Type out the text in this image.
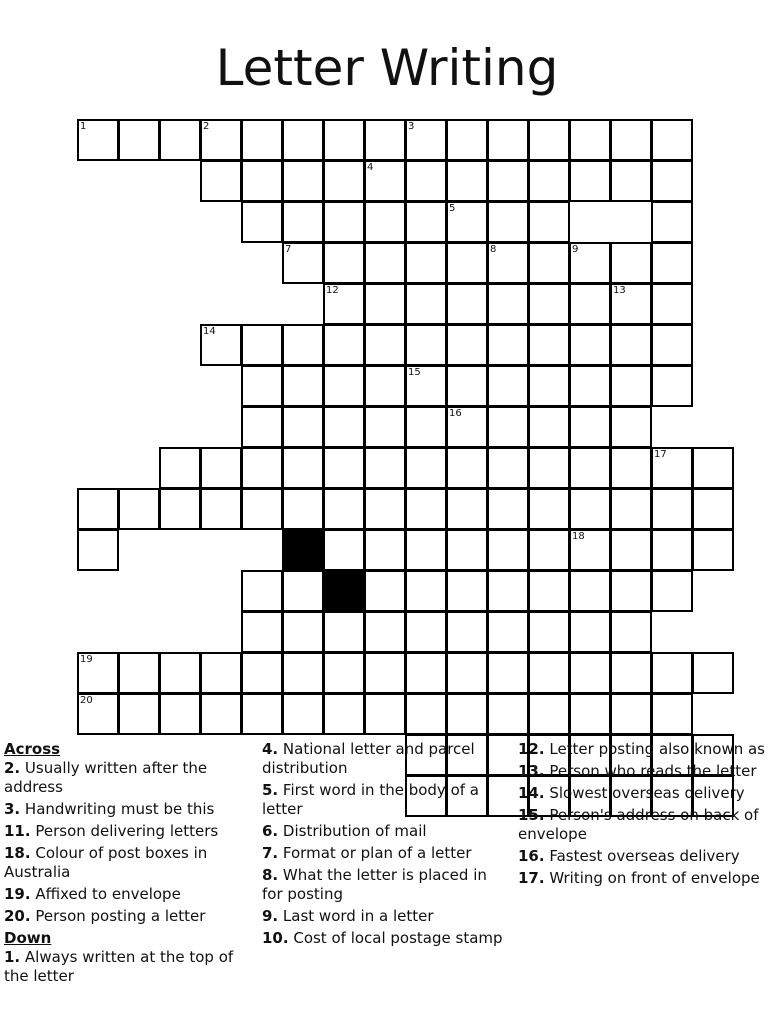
Letter Writing
1	2	3
4
5
7	8	9
12	13
14
15
16
17
18
19
20
Across
2. Usually written after the address
3. Handwriting must be this
11. Person delivering letters
18. Colour of post boxes in Australia
19. Affixed to envelope
20. Person posting a letter
Down
1. Always written at the top of the letter
4. National letter and parcel distribution
5. First word in the body of a letter
6. Distribution of mail
7. Format or plan of a letter
8. What the letter is placed in for posting
9. Last word in a letter
10. Cost of local postage stamp
12. Letter posting also known as
13. Person who reads the letter
14. Slowest overseas delivery
15. Person's address on back of envelope
16. Fastest overseas delivery
17. Writing on front of envelope
